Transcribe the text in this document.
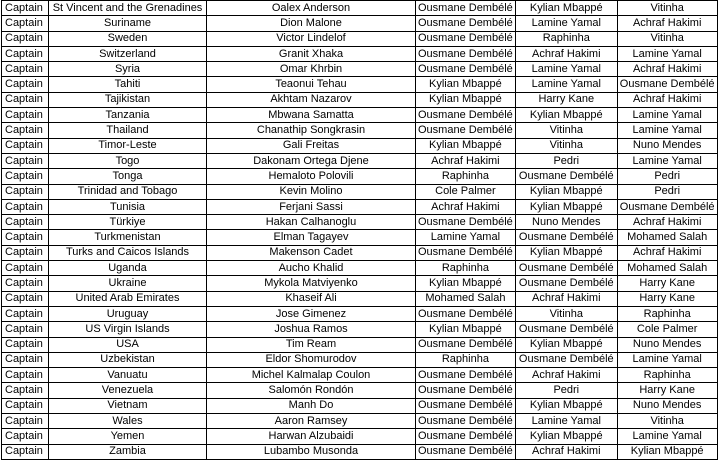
Captain	St Vincent and the Grenadines	Oalex Anderson	Ousmane Dembélé	Kylian Mbappé	Vitinha
Captain	Suriname	Dion Malone	Ousmane Dembélé	Lamine Yamal	Achraf Hakimi
Captain	Sweden	Victor Lindelof	Ousmane Dembélé	Raphinha	Vitinha
Captain	Switzerland	Granit Xhaka	Ousmane Dembélé	Achraf Hakimi	Lamine Yamal
Captain	Syria	Omar Khrbin	Ousmane Dembélé	Lamine Yamal	Achraf Hakimi
Captain	Tahiti	Teaonui Tehau	Kylian Mbappé	Lamine Yamal	Ousmane Dembélé
Captain	Tajikistan	Akhtam Nazarov	Kylian Mbappé	Harry Kane	Achraf Hakimi
Captain	Tanzania	Mbwana Samatta	Ousmane Dembélé	Kylian Mbappé	Lamine Yamal
Captain	Thailand	Chanathip Songkrasin	Ousmane Dembélé	Vitinha	Lamine Yamal
Captain	Timor-Leste	Gali Freitas	Kylian Mbappé	Vitinha	Nuno Mendes
Captain	Togo	Dakonam Ortega Djene	Achraf Hakimi	Pedri	Lamine Yamal
Captain	Tonga	Hemaloto Polovili	Raphinha	Ousmane Dembélé	Pedri
Captain	Trinidad and Tobago	Kevin Molino	Cole Palmer	Kylian Mbappé	Pedri
Captain	Tunisia	Ferjani Sassi	Achraf Hakimi	Kylian Mbappé	Ousmane Dembélé
Captain	Türkiye	Hakan Calhanoglu	Ousmane Dembélé	Nuno Mendes	Achraf Hakimi
Captain	Turkmenistan	Elman Tagayev	Lamine Yamal	Ousmane Dembélé	Mohamed Salah
Captain	Turks and Caicos Islands	Makenson Cadet	Ousmane Dembélé	Kylian Mbappé	Achraf Hakimi
Captain	Uganda	Aucho Khalid	Raphinha	Ousmane Dembélé	Mohamed Salah
Captain	Ukraine	Mykola Matviyenko	Kylian Mbappé	Ousmane Dembélé	Harry Kane
Captain	United Arab Emirates	Khaseif Ali	Mohamed Salah	Achraf Hakimi	Harry Kane
Captain	Uruguay	Jose Gimenez	Ousmane Dembélé	Vitinha	Raphinha
Captain	US Virgin Islands	Joshua Ramos	Kylian Mbappé	Ousmane Dembélé	Cole Palmer
Captain	USA	Tim Ream	Ousmane Dembélé	Kylian Mbappé	Nuno Mendes
Captain	Uzbekistan	Eldor Shomurodov	Raphinha	Ousmane Dembélé	Lamine Yamal
Captain	Vanuatu	Michel Kalmalap Coulon	Ousmane Dembélé	Achraf Hakimi	Raphinha
Captain	Venezuela	Salomón Rondón	Ousmane Dembélé	Pedri	Harry Kane
Captain	Vietnam	Manh Do	Ousmane Dembélé	Kylian Mbappé	Nuno Mendes
Captain	Wales	Aaron Ramsey	Ousmane Dembélé	Lamine Yamal	Vitinha
Captain	Yemen	Harwan Alzubaidi	Ousmane Dembélé	Kylian Mbappé	Lamine Yamal
Captain	Zambia	Lubambo Musonda	Ousmane Dembélé	Achraf Hakimi	Kylian Mbappé
